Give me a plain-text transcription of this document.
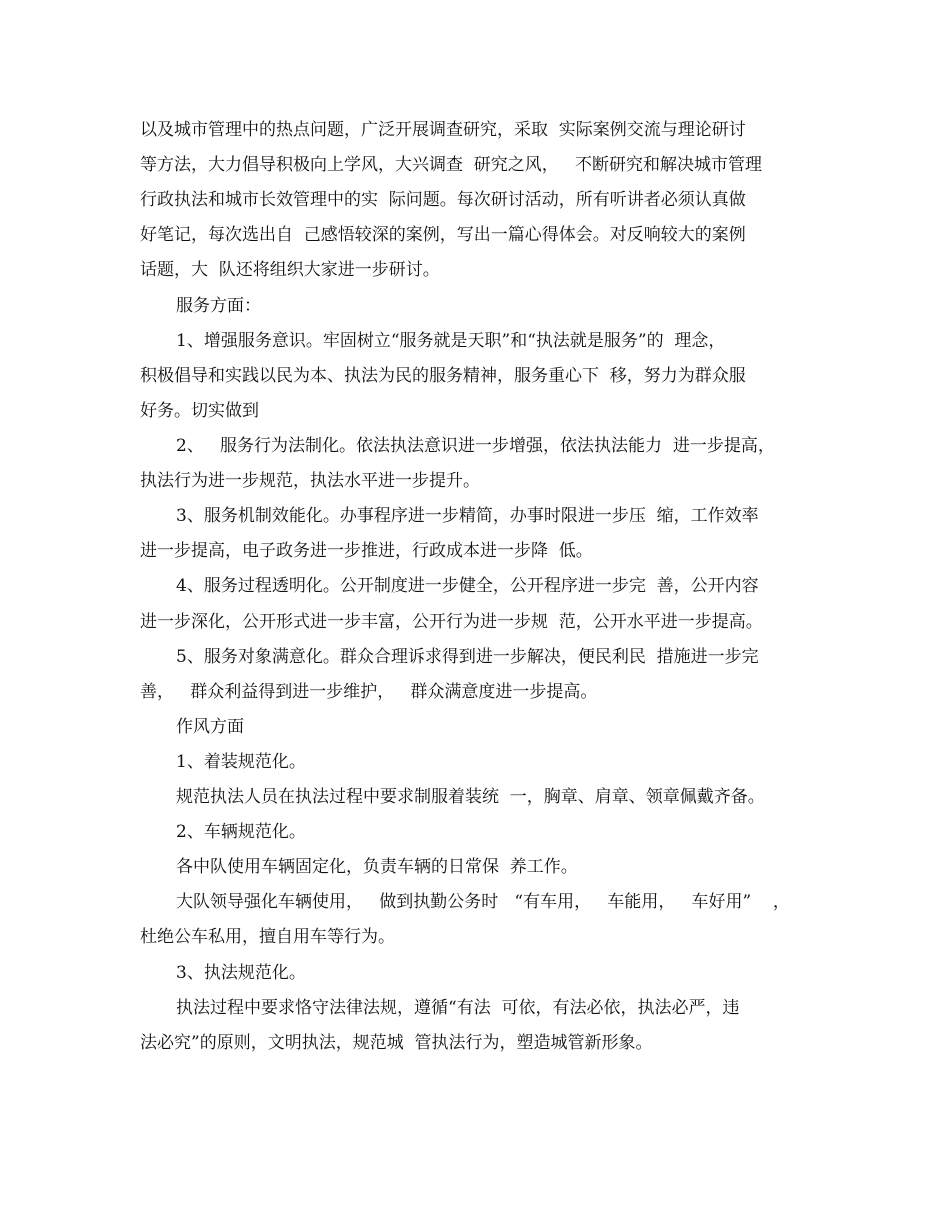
以及城市管理中的热点问题，广泛开展调查研究，采取  实际案例交流与理论研讨
等方法，大力倡导积极向上学风，大兴调查  研究之风，   不断研究和解决城市管理
行政执法和城市长效管理中的实  际问题。每次研讨活动，所有听讲者必须认真做
好笔记，每次选出自  己感悟较深的案例，写出一篇心得体会。对反响较大的案例
话题，大  队还将组织大家进一步研讨。
服务方面：
1、增强服务意识。牢固树立“服务就是天职”和“执法就是服务”的  理念，
积极倡导和实践以民为本、执法为民的服务精神，服务重心下  移，努力为群众服
好务。切实做到
2、   服务行为法制化。依法执法意识进一步增强，依法执法能力  进一步提高，
执法行为进一步规范，执法水平进一步提升。
3、服务机制效能化。办事程序进一步精简，办事时限进一步压  缩，工作效率
进一步提高，电子政务进一步推进，行政成本进一步降  低。
4、服务过程透明化。公开制度进一步健全，公开程序进一步完  善，公开内容
进一步深化，公开形式进一步丰富，公开行为进一步规  范，公开水平进一步提高。
5、服务对象满意化。群众合理诉求得到进一步解决，便民利民  措施进一步完
善，   群众利益得到进一步维护，   群众满意度进一步提高。
作风方面
1、着装规范化。
规范执法人员在执法过程中要求制服着装统  一，胸章、肩章、领章佩戴齐备。
2、车辆规范化。
各中队使用车辆固定化，负责车辆的日常保  养工作。
大队领导强化车辆使用，   做到执勤公务时   “有车用，   车能用，   车好用”    ，
杜绝公车私用，擅自用车等行为。
3、执法规范化。
执法过程中要求恪守法律法规，遵循“有法  可依，有法必依，执法必严，违
法必究”的原则，文明执法，规范城  管执法行为，塑造城管新形象。
